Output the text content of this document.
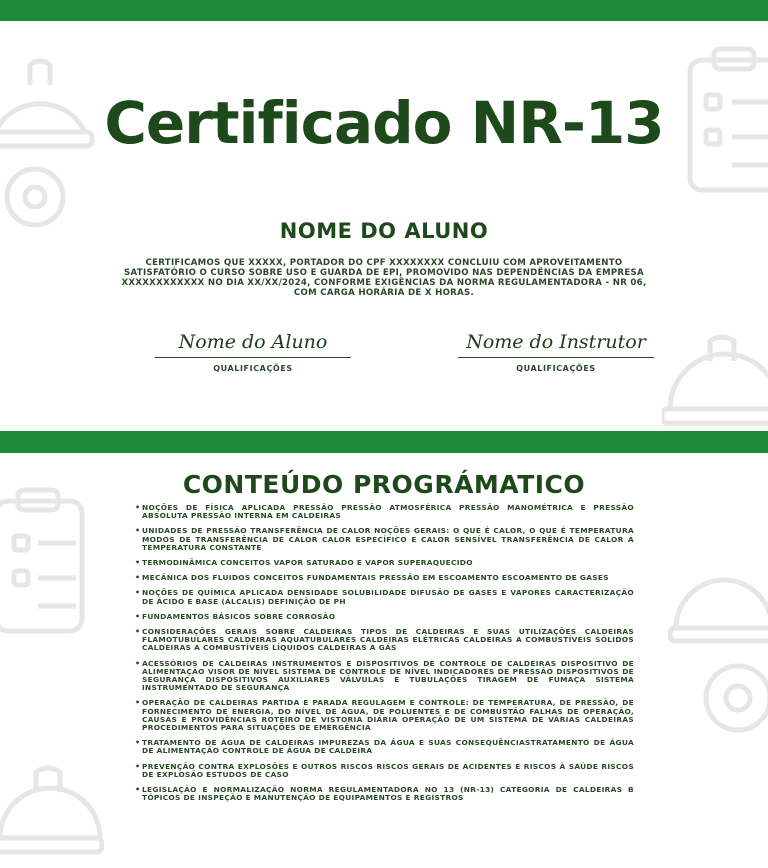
Certificado NR-13
NOME DO ALUNO
CERTIFICAMOS QUE XXXXX, PORTADOR DO CPF XXXXXXXX CONCLUIU COM APROVEITAMENTO SATISFATÓRIO O CURSO SOBRE USO E GUARDA DE EPI, PROMOVIDO NAS DEPENDÊNCIAS DA EMPRESA XXXXXXXXXXXX NO DIA XX/XX/2024, CONFORME EXIGÊNCIAS DA NORMA REGULAMENTADORA - NR 06, COM CARGA HORÁRIA DE X HORAS.
Nome do Aluno
QUALIFICAÇÕES
Nome do Instrutor
QUALIFICAÇÕES
CONTEÚDO PROGRÁMATICO
• NOÇÕES DE FÍSICA APLICADA PRESSÃO PRESSÃO ATMOSFÉRICA PRESSÃO MANOMÉTRICA E PRESSÃO ABSOLUTA PRESSÃO INTERNA EM CALDEIRAS
• UNIDADES DE PRESSÃO TRANSFERÊNCIA DE CALOR NOÇÕES GERAIS: O QUE É CALOR, O QUE É TEMPERATURA MODOS DE TRANSFERÊNCIA DE CALOR CALOR ESPECÍFICO E CALOR SENSÍVEL TRANSFERÊNCIA DE CALOR A TEMPERATURA CONSTANTE
• TERMODINÂMICA CONCEITOS VAPOR SATURADO E VAPOR SUPERAQUECIDO
• MECÂNICA DOS FLUIDOS CONCEITOS FUNDAMENTAIS PRESSÃO EM ESCOAMENTO ESCOAMENTO DE GASES
• NOÇÕES DE QUÍMICA APLICADA DENSIDADE SOLUBILIDADE DIFUSÃO DE GASES E VAPORES CARACTERIZAÇÃO DE ÁCIDO E BASE (ÁLCALIS) DEFINIÇÃO DE PH
• FUNDAMENTOS BÁSICOS SOBRE CORROSÃO
• CONSIDERAÇÕES GERAIS SOBRE CALDEIRAS TIPOS DE CALDEIRAS E SUAS UTILIZAÇÕES CALDEIRAS FLAMOTUBULARES CALDEIRAS AQUATUBULARES CALDEIRAS ELÉTRICAS CALDEIRAS A COMBUSTÍVEIS SÓLIDOS CALDEIRAS A COMBUSTÍVEIS LÍQUIDOS CALDEIRAS A GÁS
• ACESSÓRIOS DE CALDEIRAS INSTRUMENTOS E DISPOSITIVOS DE CONTROLE DE CALDEIRAS DISPOSITIVO DE ALIMENTAÇÃO VISOR DE NÍVEL SISTEMA DE CONTROLE DE NÍVEL INDICADORES DE PRESSÃO DISPOSITIVOS DE SEGURANÇA DISPOSITIVOS AUXILIARES VÁLVULAS E TUBULAÇÕES TIRAGEM DE FUMAÇA SISTEMA INSTRUMENTADO DE SEGURANÇA
• OPERAÇÃO DE CALDEIRAS PARTIDA E PARADA REGULAGEM E CONTROLE: DE TEMPERATURA, DE PRESSÃO, DE FORNECIMENTO DE ENERGIA, DO NÍVEL DE ÁGUA, DE POLUENTES E DE COMBUSTÃO FALHAS DE OPERAÇÃO, CAUSAS E PROVIDÊNCIAS ROTEIRO DE VISTORIA DIÁRIA OPERAÇÃO DE UM SISTEMA DE VÁRIAS CALDEIRAS PROCEDIMENTOS PARA SITUAÇÕES DE EMERGÊNCIA
• TRATAMENTO DE ÁGUA DE CALDEIRAS IMPUREZAS DA ÁGUA E SUAS CONSEQUÊNCIASTRATAMENTO DE ÁGUA DE ALIMENTAÇÃO CONTROLE DE ÁGUA DE CALDEIRA
• PREVENÇÃO CONTRA EXPLOSÕES E OUTROS RISCOS RISCOS GERAIS DE ACIDENTES E RISCOS À SAÚDE RISCOS DE EXPLOSÃO ESTUDOS DE CASO
• LEGISLAÇÃO E NORMALIZAÇÃO NORMA REGULAMENTADORA NO 13 (NR-13) CATEGORIA DE CALDEIRAS B TÓPICOS DE INSPEÇÃO E MANUTENÇÃO DE EQUIPAMENTOS E REGISTROS
